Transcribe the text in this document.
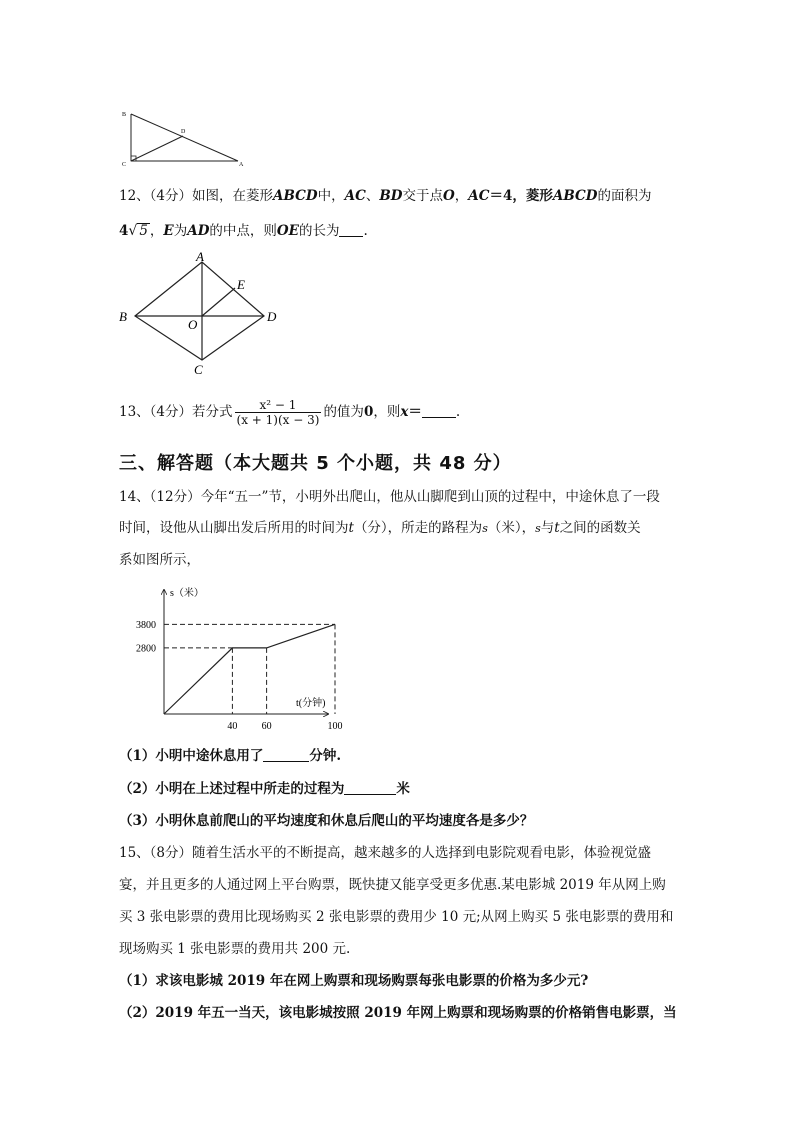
B
D
C	A
12、（4分）如图，在菱形ABCD中，AC、BD交于点O，AC＝4，菱形ABCD的面积为
4√ 5 ，E为AD的中点，则OE的长为 .
A
E
B
O
D
C
13、（4分）若分式 $\frac{\text{x² − 1}}{(x + 1)(x - 3)}$ 的值为0，则x＝	.
三、解答题（本大题共 5 个小题，共 48 分）
14、（12分）今年“五一”节，小明外出爬山，他从山脚爬到山顶的过程中，中途休息了一段
时间，设他从山脚出发后所用的时间为t（分），所走的路程为s（米），s与t之间的函数关
系如图所示，
s（米）
t(分钟)
3800
2800
40 60	100
（1）小明中途休息用了	分钟.
（2）小明在上述过程中所走的过程为	米
（3）小明休息前爬山的平均速度和休息后爬山的平均速度各是多少？
15、（8分）随着生活水平的不断提高，越来越多的人选择到电影院观看电影，体验视觉盛
宴，并且更多的人通过网上平台购票，既快捷又能享受更多优惠.某电影城 2019 年从网上购
买 3 张电影票的费用比现场购买 2 张电影票的费用少 10 元;从网上购买 5 张电影票的费用和
现场购买 1 张电影票的费用共 200 元.
（1）求该电影城 2019 年在网上购票和现场购票每张电影票的价格为多少元?
（2）2019 年五一当天，该电影城按照 2019 年网上购票和现场购票的价格销售电影票，当
